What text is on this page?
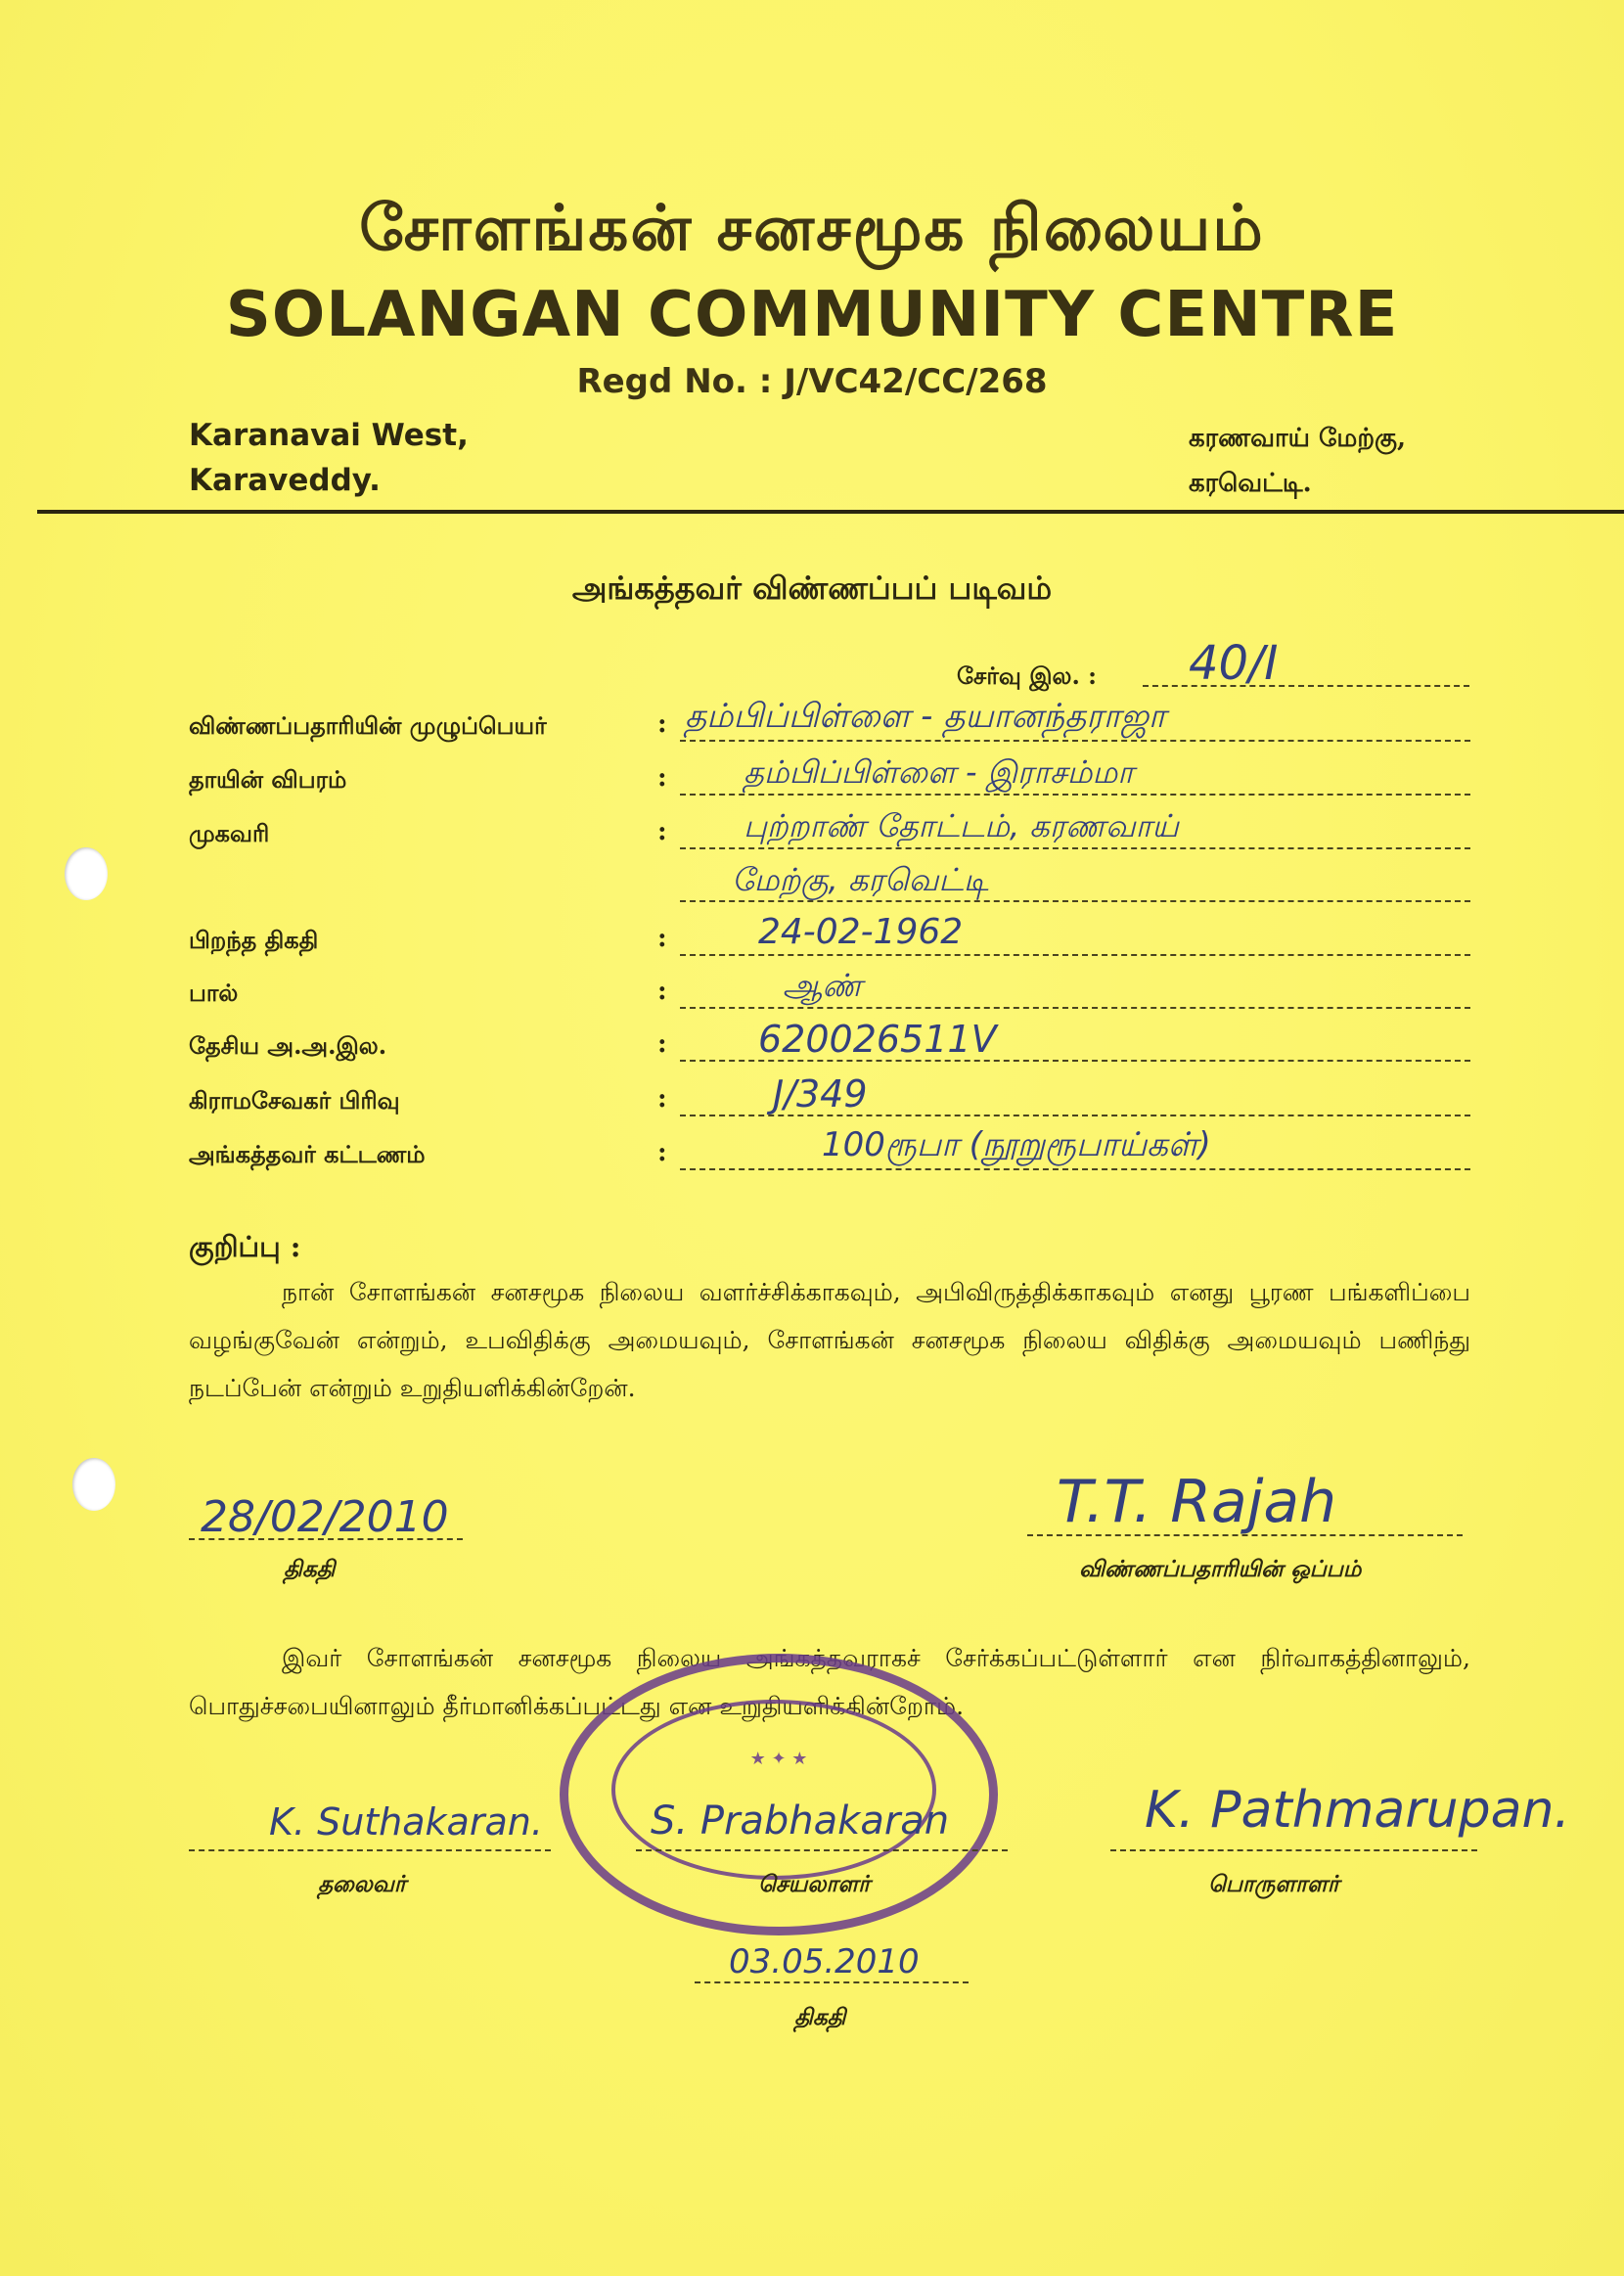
சோளங்கன் சனசமூக நிலையம்
SOLANGAN COMMUNITY CENTRE
Regd No. : J/VC42/CC/268
Karanavai West,
Karaveddy.
கரணவாய் மேற்கு,
கரவெட்டி.
அங்கத்தவர் விண்ணப்பப் படிவம்
சேர்வு இல. : 40/I
விண்ணப்பதாரியின் முழுப்பெயர்	: தம்பிப்பிள்ளை - தயானந்தராஜா
தாயின் விபரம்	: தம்பிப்பிள்ளை - இராசம்மா
முகவரி	: புற்றாண் தோட்டம், கரணவாய்
மேற்கு, கரவெட்டி
பிறந்த திகதி	:	24-02-1962
பால்	:	ஆண்
தேசிய அ.அ.இல.	: 620026511V
கிராமசேவகர் பிரிவு	:	J/349
அங்கத்தவர் கட்டணம்	:	100ரூபா (நூறுரூபாய்கள்)
குறிப்பு :
நான் சோளங்கன் சனசமூக நிலைய வளர்ச்சிக்காகவும், அபிவிருத்திக்காகவும் எனது பூரண பங்களிப்பை வழங்குவேன் என்றும், உபவிதிக்கு அமையவும், சோளங்கன் சனசமூக நிலைய விதிக்கு அமையவும் பணிந்து நடப்பேன் என்றும் உறுதியளிக்கின்றேன்.
28/02/2010
திகதி
T.T. Rajah
விண்ணப்பதாரியின் ஒப்பம்
இவர் சோளங்கன் சனசமூக நிலைய அங்கத்தவராகச் சேர்க்கப்பட்டுள்ளார் என நிர்வாகத்தினாலும், பொதுச்சபையினாலும் தீர்மானிக்கப்பட்டது என உறுதியளிக்கின்றோம்.
★ ✦ ★
K. Suthakaran.
தலைவர்
S. Prabhakaran
செயலாளர்
K. Pathmarupan.
பொருளாளர்
03.05.2010
திகதி
